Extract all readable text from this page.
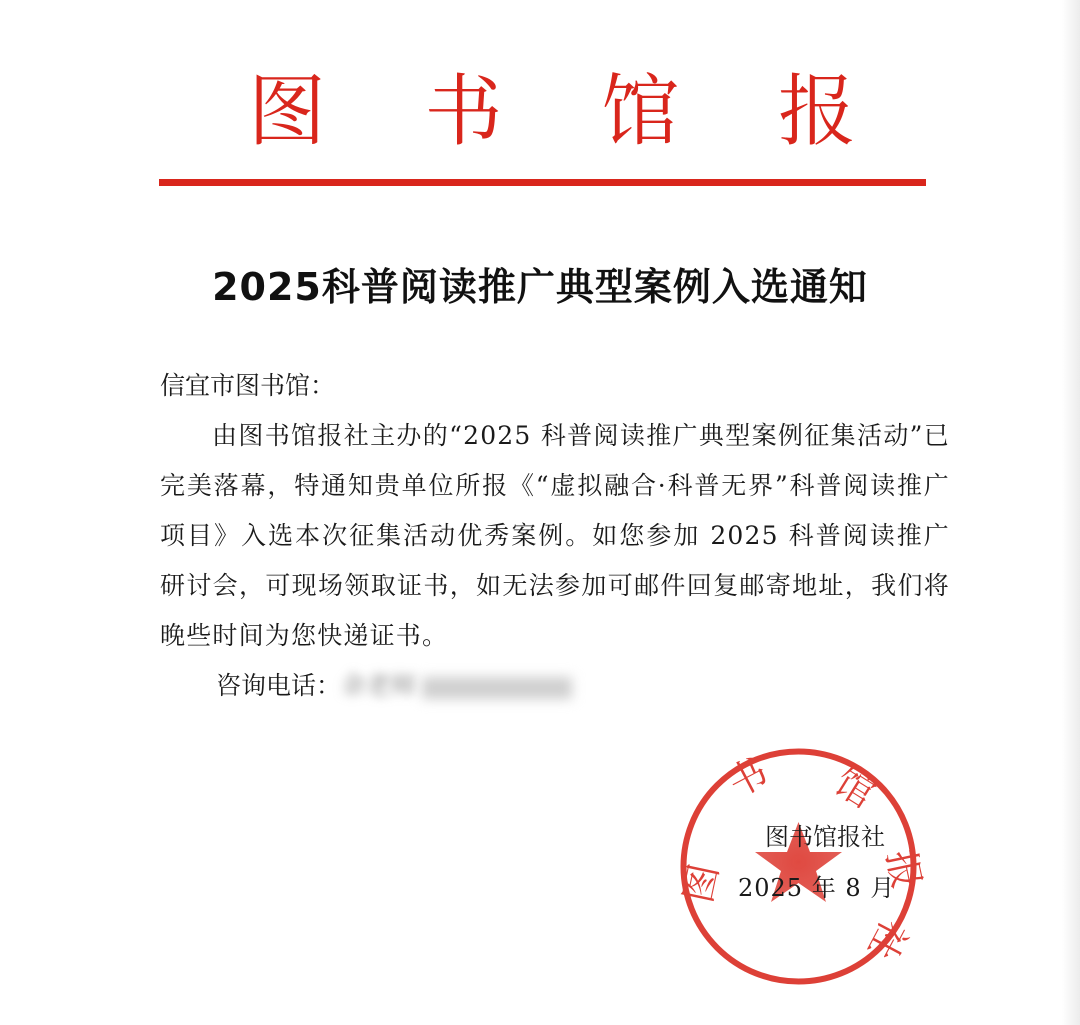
图 书 馆 报
2025科普阅读推广典型案例入选通知
信宜市图书馆：
由图书馆报社主办的“2025 科普阅读推广典型案例征集活动”已完美落幕，特通知贵单位所报《“虚拟融合·科普无界”科普阅读推广项目》入选本次征集活动优秀案例。如您参加 2025 科普阅读推广研讨会，可现场领取证书，如无法参加可邮件回复邮寄地址，我们将晚些时间为您快递证书。
咨询电话：余老师
图
书 馆
报
社
图书馆报社
2025 年 8 月
